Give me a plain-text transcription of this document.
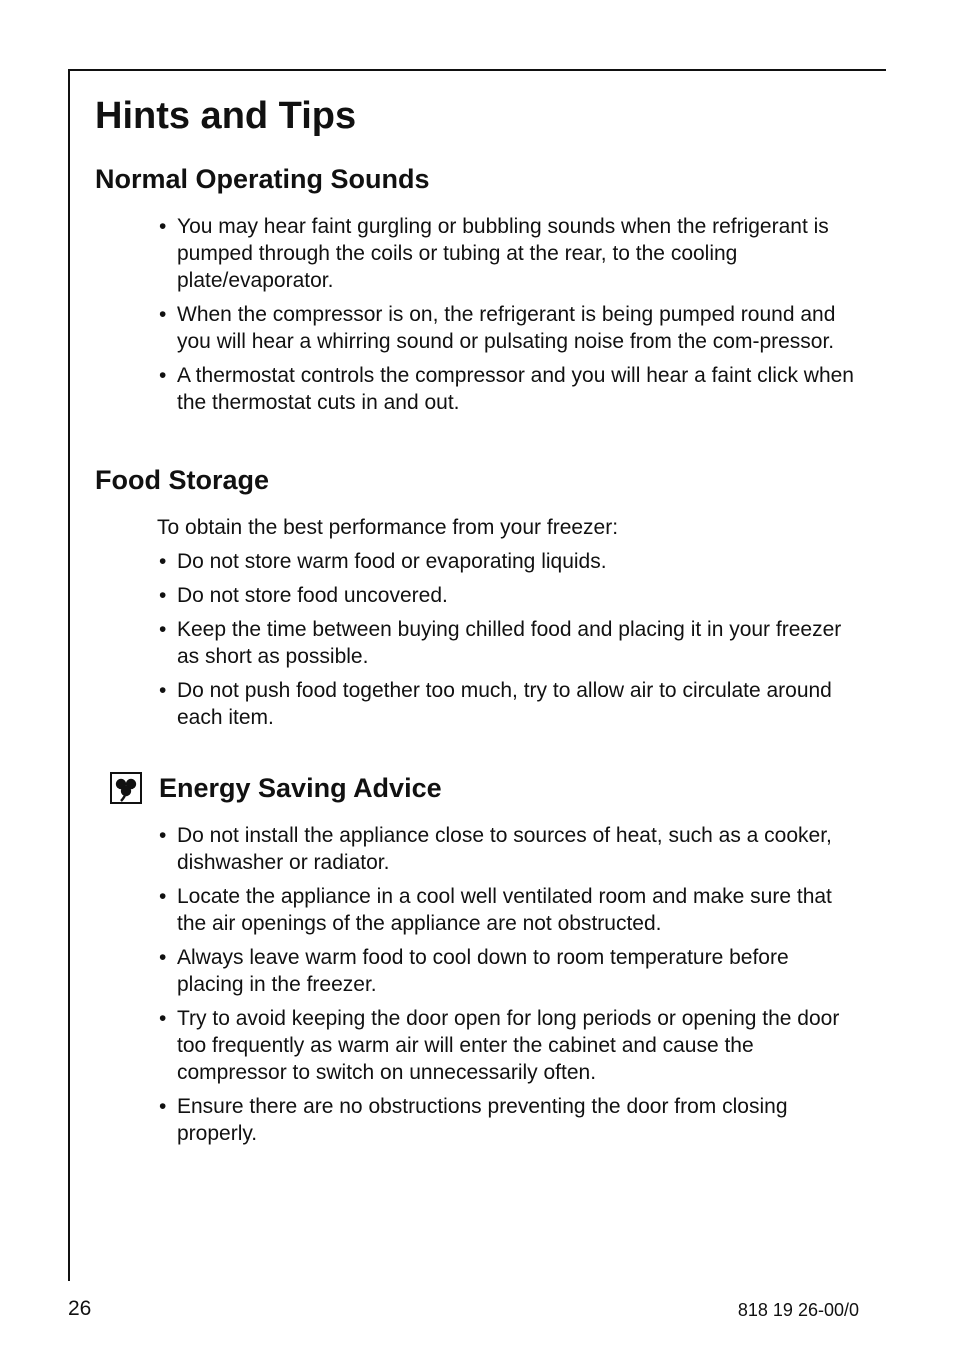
Hints and Tips
Normal Operating Sounds
• You may hear faint gurgling or bubbling sounds when the refrigerant is pumped through the coils or tubing at the rear, to the cooling plate/evaporator.
• When the compressor is on, the refrigerant is being pumped round and you will hear a whirring sound or pulsating noise from the com-pressor.
• A thermostat controls the compressor and you will hear a faint click when the thermostat cuts in and out.
Food Storage

To obtain the best performance from your freezer:

• Do not store warm food or evaporating liquids.
• Do not store food uncovered.
• Keep the time between buying chilled food and placing it in your freezer as short as possible.
• Do not push food together too much, try to allow air to circulate around each item.
Energy Saving Advice
• Do not install the appliance close to sources of heat, such as a cooker, dishwasher or radiator.
• Locate the appliance in a cool well ventilated room and make sure that the air openings of the appliance are not obstructed.
• Always leave warm food to cool down to room temperature before placing in the freezer.
• Try to avoid keeping the door open for long periods or opening the door too frequently as warm air will enter the cabinet and cause the compressor to switch on unnecessarily often.
• Ensure there are no obstructions preventing the door from closing properly.
26	818 19 26-00/0
